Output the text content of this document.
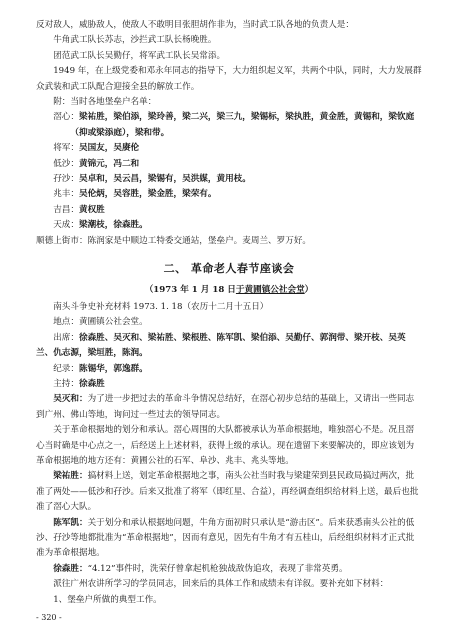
反对敌人，威胁敌人，使敌人不敢明目张胆胡作非为，当时武工队各地的负责人是：

牛角武工队长苏志，沙拦武工队长杨晚胜。

团范武工队长吴勤仔，将军武工队长吴常添。

1949 年，在上级党委和邓永年同志的指导下，大力组织起义军，共两个中队，同时，大力发展群众武装和武工队配合迎接全县的解放工作。

附：当时各地堡垒户名单：

滘心：梁祐胜，梁伯添，梁玲善，梁二兴，梁三九，梁锡标，梁执胜，黄金胜，黄锡和，梁钦庭（抑或梁添庭），梁和带。

将军：吴国友，吴赓伦

低沙：黄锦元，冯二和

孖沙：吴卓和，吴云昌，梁锡有，吴洪媒，黄用枝。

兆丰：吴伦炳，吴容胜，梁金胜，梁荣有。

吉昌：黄权胜

天成：梁潮枝，徐森胜。

顺德上街市：陈润家是中顺边工特委交通站，堡垒户。麦周兰、罗万好。

二、 革命老人春节座谈会
（1973 年 1 月 18 日于黄圃镇公社会堂）

南头斗争史补充材料 1973. 1. 18（农历十二月十五日）

地点：黄圃镇公社会堂。

出席：徐森胜、吴灭和、梁祐胜、梁根胜、陈军凯、梁伯添、吴勤仔、郭润带、梁开枝、吴英兰、仇志源，梁垣胜，陈润。

纪录：陈锡华，郭逸群。

主持：徐森胜

吴灭和：为了进一步把过去的革命斗争情况总结好，在滘心初步总结的基础上，又请出一些同志到广州、佛山等地，询问过一些过去的领导同志。

关于革命根据地的划分和承认。滘心周围的大队都被承认为革命根据地，唯独滘心不是。况且滘心当时确是中心点之一，后经送上上述材料，获得上级的承认。现在遗留下来要解决的，即应该划为革命根据地的地方还有：黄圃公社的石军、阜沙、兆丰、兆头等地。

梁祐胜：搞材料上送，划定革命根据地之事，南头公社当时我与梁建荣到县民政局搞过两次，批准了两处——低沙和孖沙。后来又批准了将军（即红星、合益），再经调查组织给材料上送，最后也批准了滘心大队。

陈军凯：关于划分和承认根据地问题，牛角方面初时只承认是“游击区”。后来获悉南头公社的低沙、孖沙等地都批准为“革命根据地”，因而有意见，因先有牛角才有五桂山，后经组织材料才正式批准为革命根据地。

徐森胜：“4.12”事件时，洗荣仔曾拿起机枪独战敌伪追攻，表现了非常英勇。

派往广州农讲所学习的学员同志，回来后的具体工作和成绩未有详叙。要补充如下材料：

1、堡垒户所做的典型工作。

- 320 -
